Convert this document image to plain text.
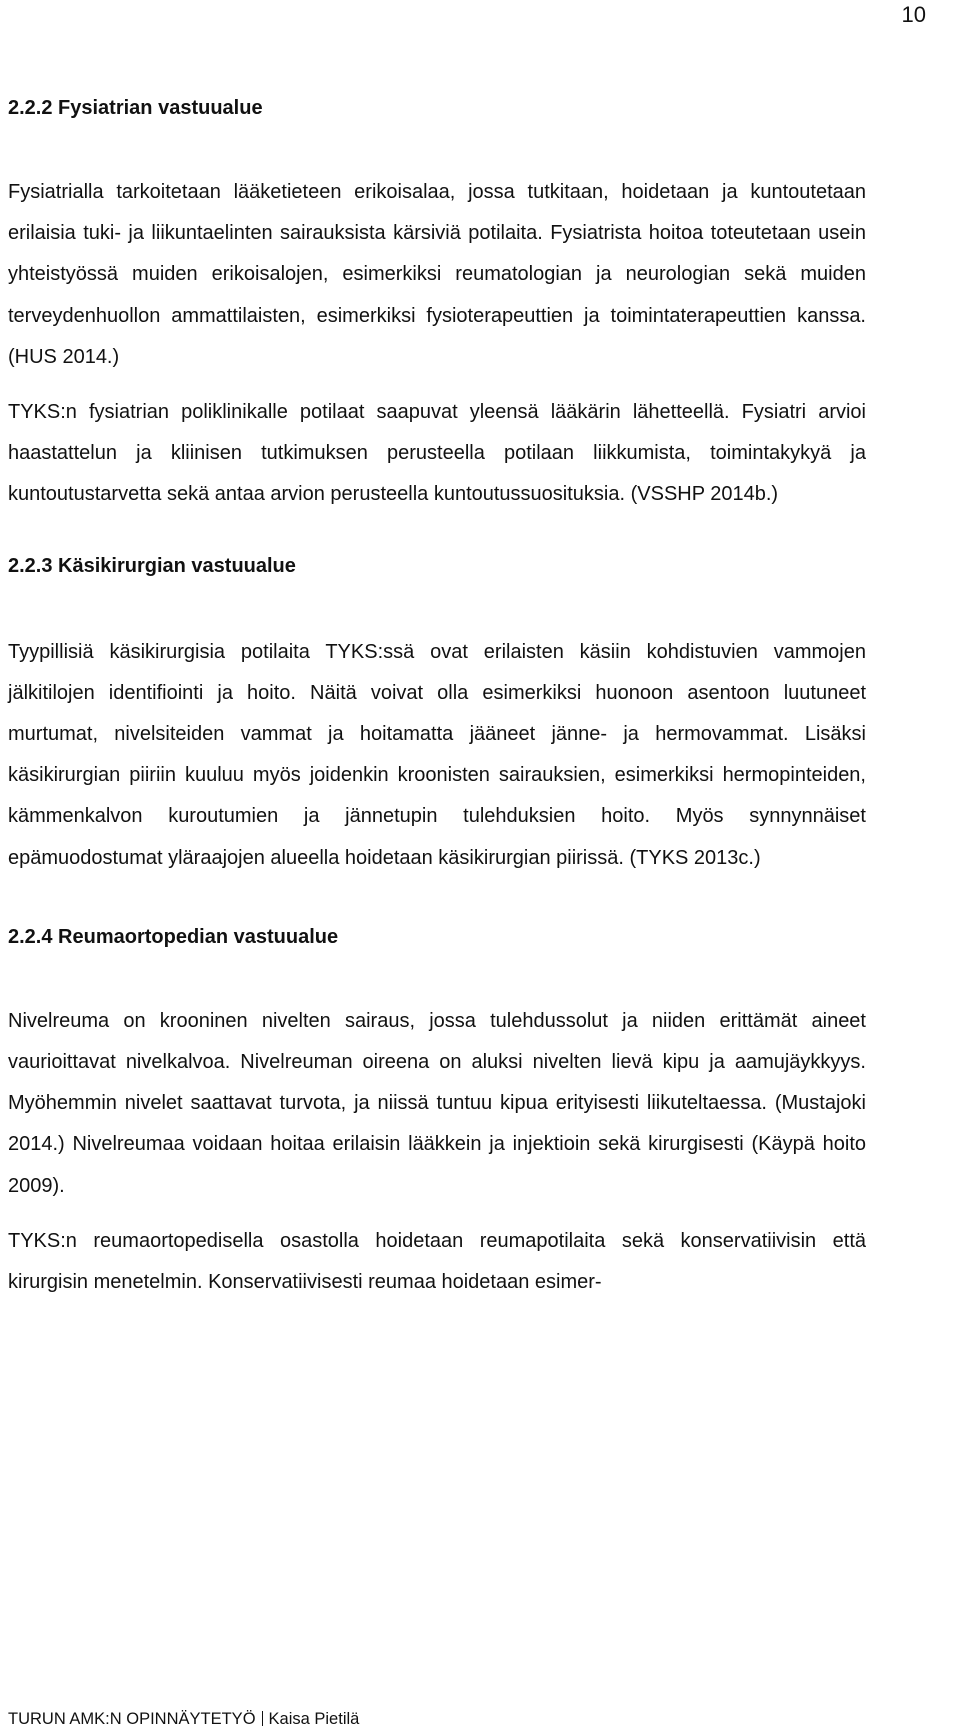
10
2.2.2 Fysiatrian vastuualue

Fysiatrialla tarkoitetaan lääketieteen erikoisalaa, jossa tutkitaan, hoidetaan ja kuntoutetaan erilaisia tuki- ja liikuntaelinten sairauksista kärsiviä potilaita. Fysiatrista hoitoa toteutetaan usein yhteistyössä muiden erikoisalojen, esimerkiksi reumatologian ja neurologian sekä muiden terveydenhuollon ammattilaisten, esimerkiksi fysioterapeuttien ja toimintaterapeuttien kanssa. (HUS 2014.)

TYKS:n fysiatrian poliklinikalle potilaat saapuvat yleensä lääkärin lähetteellä. Fysiatri arvioi haastattelun ja kliinisen tutkimuksen perusteella potilaan liikkumista, toimintakykyä ja kuntoutustarvetta sekä antaa arvion perusteella kuntoutussuosituksia. (VSSHP 2014b.)

2.2.3 Käsikirurgian vastuualue

Tyypillisiä käsikirurgisia potilaita TYKS:ssä ovat erilaisten käsiin kohdistuvien vammojen jälkitilojen identifiointi ja hoito. Näitä voivat olla esimerkiksi huonoon asentoon luutuneet murtumat, nivelsiteiden vammat ja hoitamatta jääneet jänne- ja hermovammat. Lisäksi käsikirurgian piiriin kuuluu myös joidenkin kroonisten sairauksien, esimerkiksi hermopinteiden, kämmenkalvon kuroutumien ja jännetupin tulehduksien hoito. Myös synnynnäiset epämuodostumat yläraajojen alueella hoidetaan käsikirurgian piirissä. (TYKS 2013c.)

2.2.4 Reumaortopedian vastuualue

Nivelreuma on krooninen nivelten sairaus, jossa tulehdussolut ja niiden erittämät aineet vaurioittavat nivelkalvoa. Nivelreuman oireena on aluksi nivelten lievä kipu ja aamujäykkyys. Myöhemmin nivelet saattavat turvota, ja niissä tuntuu kipua erityisesti liikuteltaessa. (Mustajoki 2014.) Nivelreumaa voidaan hoitaa erilaisin lääkkein ja injektioin sekä kirurgisesti (Käypä hoito 2009).

TYKS:n reumaortopedisella osastolla hoidetaan reumapotilaita sekä konservatiivisin että kirurgisin menetelmin. Konservatiivisesti reumaa hoidetaan esimer-

TURUN AMK:N OPINNÄYTETYÖ Kaisa Pietilä
